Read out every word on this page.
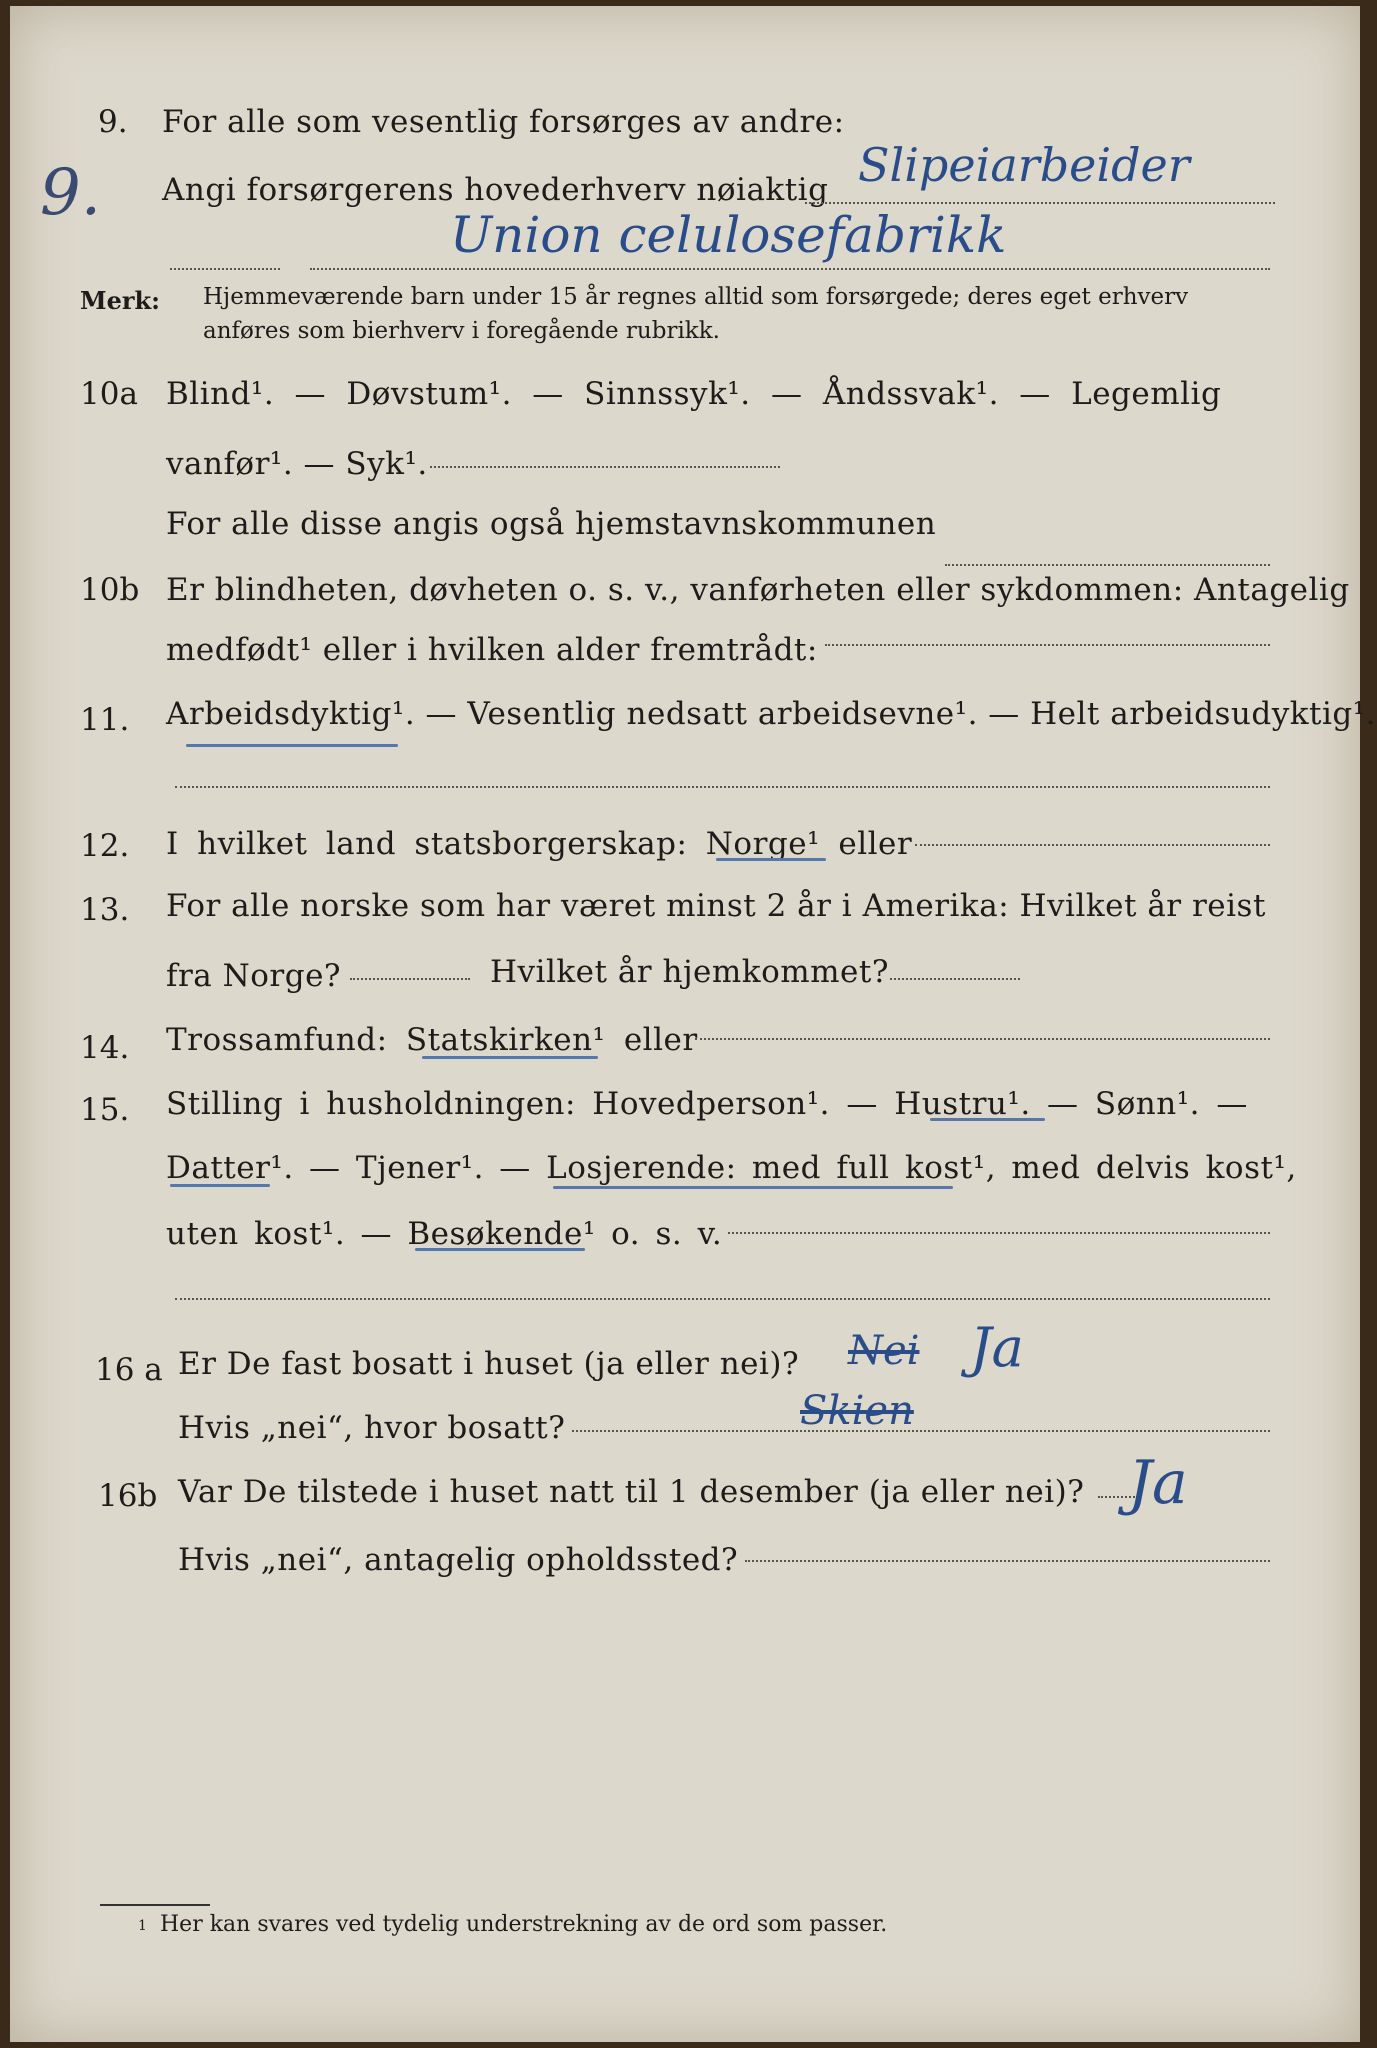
9. For alle som vesentlig forsørges av andre:
9. Angi forsørgerens hovederhverv nøiaktig Slipeiarbeider
Union celulosefabrikk
Merk: Hjemmeværende barn under 15 år regnes alltid som forsørgede; deres eget erhverv
anføres som bierhverv i foregående rubrikk.
10a Blind¹. — Døvstum¹. — Sinnssyk¹. — Åndssvak¹. — Legemlig
vanfør¹. — Syk¹.
For alle disse angis også hjemstavnskommunen
10b Er blindheten, døvheten o. s. v., vanførheten eller sykdommen: Antagelig
medfødt¹ eller i hvilken alder fremtrådt:
11. Arbeidsdyktig¹. — Vesentlig nedsatt arbeidsevne¹. — Helt arbeidsudyktig¹.
12. I hvilket land statsborgerskap: Norge¹ eller
13. For alle norske som har været minst 2 år i Amerika: Hvilket år reist
fra Norge?	Hvilket år hjemkommet?
14. Trossamfund: Statskirken¹ eller
15. Stilling i husholdningen: Hovedperson¹. — Hustru¹. — Sønn¹. —
Datter¹. — Tjener¹. — Losjerende: med full kost¹, med delvis kost¹,
uten kost¹. — Besøkende¹ o. s. v.
16 a Er De fast bosatt i huset (ja eller nei)? Nei Ja
Hvis „nei“, hvor bosatt?	Skien
16b Var De tilstede i huset natt til 1 desember (ja eller nei)? Ja
Hvis „nei“, antagelig opholdssted?
1 Her kan svares ved tydelig understrekning av de ord som passer.
